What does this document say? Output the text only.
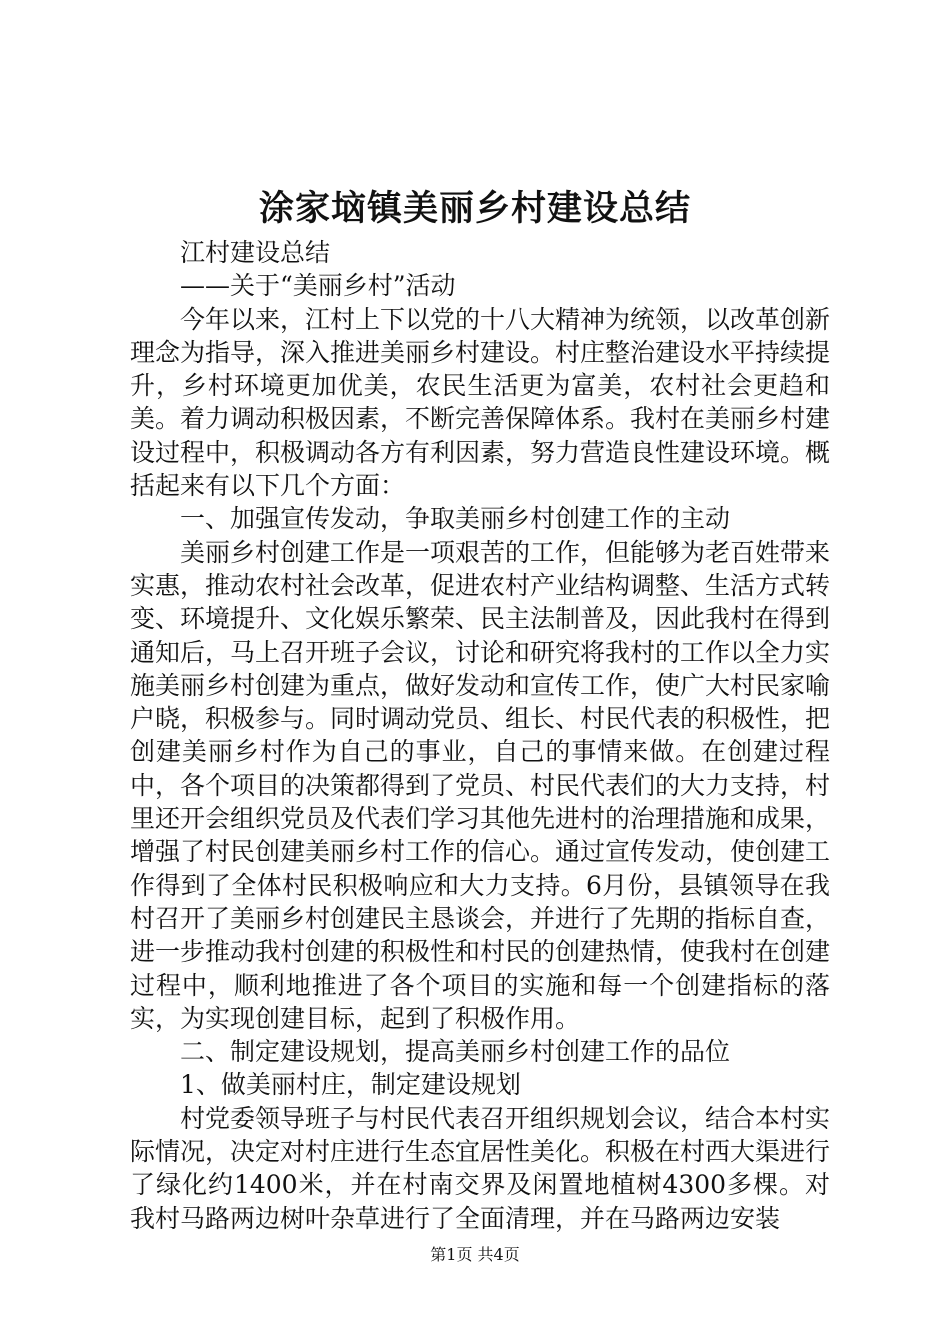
涂家垴镇美丽乡村建设总结

江村建设总结

——关于“美丽乡村”活动

今年以来，江村上下以党的十八大精神为统领，以改革创新理念为指导，深入推进美丽乡村建设。村庄整治建设水平持续提升，乡村环境更加优美，农民生活更为富美，农村社会更趋和美。着力调动积极因素，不断完善保障体系。我村在美丽乡村建设过程中，积极调动各方有利因素，努力营造良性建设环境。概括起来有以下几个方面：

一、加强宣传发动，争取美丽乡村创建工作的主动

美丽乡村创建工作是一项艰苦的工作，但能够为老百姓带来实惠，推动农村社会改革，促进农村产业结构调整、生活方式转变、环境提升、文化娱乐繁荣、民主法制普及，因此我村在得到通知后，马上召开班子会议，讨论和研究将我村的工作以全力实施美丽乡村创建为重点，做好发动和宣传工作，使广大村民家喻户晓，积极参与。同时调动党员、组长、村民代表的积极性，把创建美丽乡村作为自己的事业，自己的事情来做。在创建过程中，各个项目的决策都得到了党员、村民代表们的大力支持，村里还开会组织党员及代表们学习其他先进村的治理措施和成果，增强了村民创建美丽乡村工作的信心。通过宣传发动，使创建工作得到了全体村民积极响应和大力支持。6月份，县镇领导在我村召开了美丽乡村创建民主恳谈会，并进行了先期的指标自查，进一步推动我村创建的积极性和村民的创建热情，使我村在创建过程中，顺利地推进了各个项目的实施和每一个创建指标的落实，为实现创建目标，起到了积极作用。

二、制定建设规划，提高美丽乡村创建工作的品位

1、做美丽村庄，制定建设规划

村党委领导班子与村民代表召开组织规划会议，结合本村实际情况，决定对村庄进行生态宜居性美化。积极在村西大渠进行了绿化约1400米，并在村南交界及闲置地植树4300多棵。对我村马路两边树叶杂草进行了全面清理，并在马路两边安装

第1页 共4页
